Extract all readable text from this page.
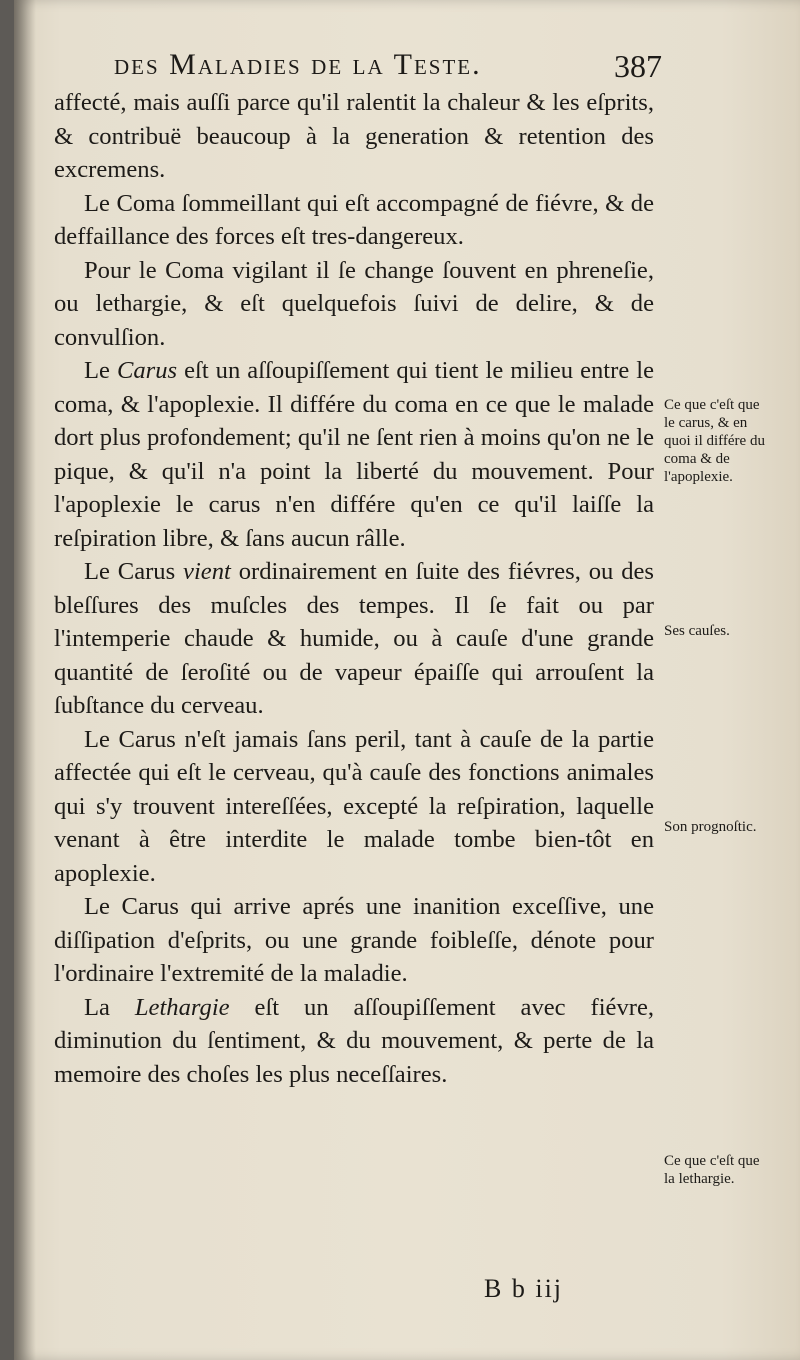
des Maladies de la Teste.	387

affecté, mais auſſi parce qu'il ralentit la chaleur & les eſprits, & contribuë beaucoup à la generation & retention des excremens.

Le Coma ſommeillant qui eſt accompagné de fiévre, & de deffaillance des forces eſt tres-dangereux.

Pour le Coma vigilant il ſe change ſouvent en phreneſie, ou lethargie, & eſt quelquefois ſuivi de delire, & de convulſion.

Le Carus eſt un aſſoupiſſement qui tient le milieu entre le coma, & l'apoplexie. Il différe du coma en ce que le malade dort plus profondement; qu'il ne ſent rien à moins qu'on ne le pique, & qu'il n'a point la liberté du mouvement. Pour l'apoplexie le carus n'en différe qu'en ce qu'il laiſſe la reſpiration libre, & ſans aucun râlle.

Le Carus vient ordinairement en ſuite des fiévres, ou des bleſſures des muſcles des tempes. Il ſe fait ou par l'intemperie chaude & humide, ou à cauſe d'une grande quantité de ſeroſité ou de vapeur épaiſſe qui arrouſent la ſubſtance du cerveau.

Le Carus n'eſt jamais ſans peril, tant à cauſe de la partie affectée qui eſt le cerveau, qu'à cauſe des fonctions animales qui s'y trouvent intereſſées, excepté la reſpiration, laquelle venant à être interdite le malade tombe bien-tôt en apoplexie.

Le Carus qui arrive aprés une inanition exceſſive, une diſſipation d'eſprits, ou une grande foibleſſe, dénote pour l'ordinaire l'extremité de la maladie.

La Lethargie eſt un aſſoupiſſement avec fiévre, diminution du ſentiment, & du mouvement, & perte de la memoire des choſes les plus neceſſaires.

Ce que c'eſt que le carus, & en quoi il différe du coma & de l'apoplexie.
Ses cauſes.
Son prognoſtic.
Ce que c'eſt que la lethargie.
B b iij
